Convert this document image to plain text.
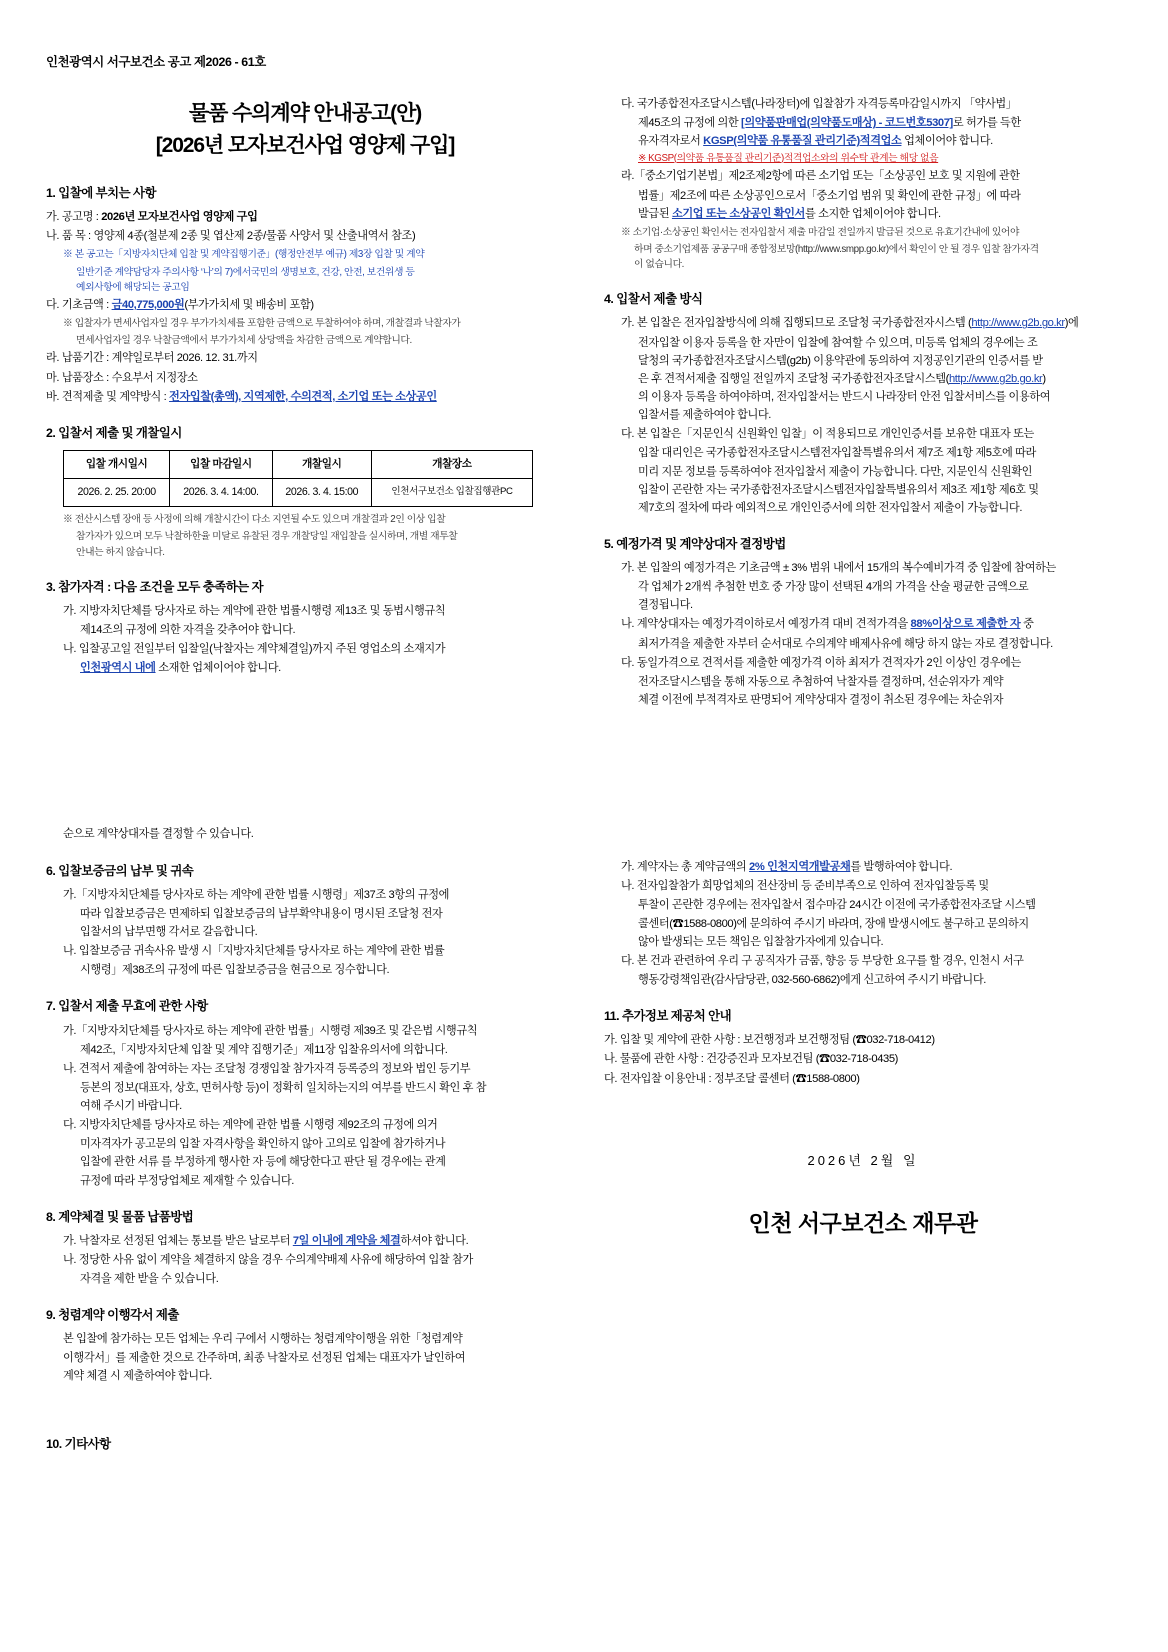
인천광역시 서구보건소 공고 제2026 - 61호
물품 수의계약 안내공고(안)
[2026년 모자보건사업 영양제 구입]
1. 입찰에 부치는 사항

가. 공고명 : 2026년 모자보건사업 영양제 구입

나. 품 목 : 영양제 4종(철분제 2종 및 엽산제 2종/물품 사양서 및 산출내역서 참조)

※ 본 공고는「지방자치단체 입찰 및 계약집행기준」(행정안전부 예규) 제3장 입찰 및 계약

일반기준 계약담당자 주의사항 ‘나’의 7)에서국민의 생명보호, 건강, 안전, 보건위생 등

예외사항에 해당되는 공고임

다. 기초금액 : 금40,775,000원(부가가치세 및 배송비 포함)

※ 입찰자가 면세사업자일 경우 부가가치세를 포함한 금액으로 투찰하여야 하며, 개찰결과 낙찰자가

면세사업자일 경우 낙찰금액에서 부가가치세 상당액을 차감한 금액으로 계약합니다.

라. 납품기간 : 계약일로부터 2026. 12. 31.까지

마. 납품장소 : 수요부서 지정장소

바. 견적제출 및 계약방식 : 전자입찰(총액), 지역제한, 수의견적, 소기업 또는 소상공인

2. 입찰서 제출 및 개찰일시
입찰 개시일시	입찰 마감일시	개찰일시	개찰장소
2026. 2. 25. 20:00	2026. 3. 4. 14:00.	2026. 3. 4. 15:00	인천서구보건소 입찰집행관PC

※ 전산시스템 장애 등 사정에 의해 개찰시간이 다소 지연될 수도 있으며 개찰결과 2인 이상 입찰

참가자가 있으며 모두 낙찰하한율 미달로 유찰된 경우 개찰당일 재입찰을 실시하며, 개별 재투찰

안내는 하지 않습니다.

3. 참가자격 : 다음 조건을 모두 충족하는 자

가. 지방자치단체를 당사자로 하는 계약에 관한 법률시행령 제13조 및 동법시행규칙

제14조의 규정에 의한 자격을 갖추어야 합니다.

나. 입찰공고일 전일부터 입찰일(낙찰자는 계약체결일)까지 주된 영업소의 소재지가

인천광역시 내에 소재한 업체이어야 합니다.

순으로 계약상대자를 결정할 수 있습니다.

6. 입찰보증금의 납부 및 귀속

가.「지방자치단체를 당사자로 하는 계약에 관한 법률 시행령」제37조 3항의 규정에

따라 입찰보증금은 면제하되 입찰보증금의 납부확약내용이 명시된 조달청 전자

입찰서의 납부면행 각서로 갈음합니다.

나. 입찰보증금 귀속사유 발생 시「지방자치단체를 당사자로 하는 계약에 관한 법률

시행령」제38조의 규정에 따른 입찰보증금을 현금으로 징수합니다.

7. 입찰서 제출 무효에 관한 사항

가.「지방자치단체를 당사자로 하는 계약에 관한 법률」시행령 제39조 및 같은법 시행규칙

제42조,「지방자치단체 입찰 및 계약 집행기준」제11장 입찰유의서에 의합니다.

나. 견적서 제출에 참여하는 자는 조달청 경쟁입찰 참가자격 등록증의 정보와 법인 등기부

등본의 정보(대표자, 상호, 면허사항 등)이 정확히 일치하는지의 여부를 반드시 확인 후 참

여해 주시기 바랍니다.

다. 지방자치단체를 당사자로 하는 계약에 관한 법률 시행령 제92조의 규정에 의거

미자격자가 공고문의 입찰 자격사항을 확인하지 않아 고의로 입찰에 참가하거나

입찰에 관한 서류 를 부정하게 행사한 자 등에 해당한다고 판단 될 경우에는 관계

규정에 따라 부정당업체로 제재할 수 있습니다.

8. 계약체결 및 물품 납품방법

가. 낙찰자로 선정된 업체는 통보를 받은 날로부터 7일 이내에 계약을 체결하셔야 합니다.

나. 정당한 사유 없이 계약을 체결하지 않을 경우 수의계약배제 사유에 해당하여 입찰 참가

자격을 제한 받을 수 있습니다.

9. 청렴계약 이행각서 제출

본 입찰에 참가하는 모든 업체는 우리 구에서 시행하는 청렴계약이행을 위한「청렴계약

이행각서」를 제출한 것으로 간주하며, 최종 낙찰자로 선정된 업체는 대표자가 날인하여

계약 체결 시 제출하여야 합니다.

10. 기타사항

다. 국가종합전자조달시스템(나라장터)에 입찰참가 자격등록마감일시까지 「약사법」

제45조의 규정에 의한 [의약품판매업(의약품도매상) - 코드번호5307]로 허가를 득한

유자격자로서 KGSP(의약품 유통품질 관리기준)적격업소 업체이어야 합니다.

※ KGSP(의약품 유통품질 관리기준)적격업소와의 위수탁 관계는 해당 없음

라.「중소기업기본법」제2조제2항에 따른 소기업 또는「소상공인 보호 및 지원에 관한

법률」제2조에 따른 소상공인으로서「중소기업 범위 및 확인에 관한 규정」에 따라

발급된 소기업 또는 소상공인 확인서를 소지한 업체이어야 합니다.

※ 소기업·소상공인 확인서는 전자입찰서 제출 마감일 전일까지 발급된 것으로 유효기간내에 있어야

하며 중소기업제품 공공구매 종합정보망(http://www.smpp.go.kr)에서 확인이 안 될 경우 입찰 참가자격

이 없습니다.

4. 입찰서 제출 방식

가. 본 입찰은 전자입찰방식에 의해 집행되므로 조달청 국가종합전자시스템 (http://www.g2b.go.kr)에

전자입찰 이용자 등록을 한 자만이 입찰에 참여할 수 있으며, 미등록 업체의 경우에는 조

달청의 국가종합전자조달시스템(g2b) 이용약관에 동의하여 지정공인기관의 인증서를 받

은 후 견적서제출 집행일 전일까지 조달청 국가종합전자조달시스템(http://www.g2b.go.kr)

의 이용자 등록을 하여야하며, 전자입찰서는 반드시 나라장터 안전 입찰서비스를 이용하여

입찰서를 제출하여야 합니다.

다. 본 입찰은「지문인식 신원확인 입찰」이 적용되므로 개인인증서를 보유한 대표자 또는

입찰 대리인은 국가종합전자조달시스템전자입찰특별유의서 제7조 제1항 제5호에 따라

미리 지문 정보를 등록하여야 전자입찰서 제출이 가능합니다. 다만, 지문인식 신원확인

입찰이 곤란한 자는 국가종합전자조달시스템전자입찰특별유의서 제3조 제1항 제6호 및

제7호의 절차에 따라 예외적으로 개인인증서에 의한 전자입찰서 제출이 가능합니다.

5. 예정가격 및 계약상대자 결정방법

가. 본 입찰의 예정가격은 기초금액 ± 3% 범위 내에서 15개의 복수예비가격 중 입찰에 참여하는

각 업체가 2개씩 추첨한 번호 중 가장 많이 선택된 4개의 가격을 산술 평균한 금액으로

결정됩니다.

나. 계약상대자는 예정가격이하로서 예정가격 대비 견적가격을 88%이상으로 제출한 자 중

최저가격을 제출한 자부터 순서대로 수의계약 배제사유에 해당 하지 않는 자로 결정합니다.

다. 동일가격으로 견적서를 제출한 예정가격 이하 최저가 견적자가 2인 이상인 경우에는

전자조달시스템을 통해 자동으로 추첨하여 낙찰자를 결정하며, 선순위자가 계약

체결 이전에 부적격자로 판명되어 계약상대자 결정이 취소된 경우에는 차순위자

가. 계약자는 총 계약금액의 2% 인천지역개발공채를 발행하여야 합니다.

나. 전자입찰참가 희망업체의 전산장비 등 준비부족으로 인하여 전자입찰등록 및

투찰이 곤란한 경우에는 전자입찰서 접수마감 24시간 이전에 국가종합전자조달 시스템

콜센터(☎1588-0800)에 문의하여 주시기 바라며, 장애 발생시에도 불구하고 문의하지

않아 발생되는 모든 책임은 입찰참가자에게 있습니다.

다. 본 건과 관련하여 우리 구 공직자가 금품, 향응 등 부당한 요구를 할 경우, 인천시 서구

행동강령책임관(감사담당관, 032-560-6862)에게 신고하여 주시기 바랍니다.

11. 추가정보 제공처 안내

가. 입찰 및 계약에 관한 사항 : 보건행정과 보건행정팀 (☎032-718-0412)

나. 물품에 관한 사항 : 건강증진과 모자보건팀 (☎032-718-0435)

다. 전자입찰 이용안내 : 정부조달 콜센터 (☎1588-0800)

2026년 2월 일
인천 서구보건소 재무관
